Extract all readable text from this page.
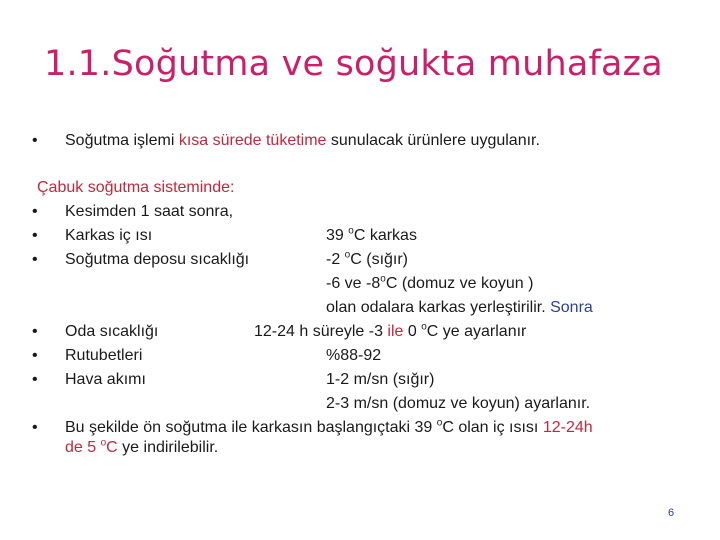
1.1.Soğutma ve soğukta muhafaza
• Soğutma işlemi kısa sürede tüketime sunulacak ürünlere uygulanır.
Çabuk soğutma sisteminde:
• Kesimden 1 saat sonra,
• Karkas iç ısı	39 $^o$C karkas
• Soğutma deposu sıcaklığı	-2 $^o$C (sığır)
-6 ve -8$^o$C (domuz ve koyun )
olan odalara karkas yerleştirilir. Sonra
• Oda sıcaklığı	12-24 h süreyle -3 ile 0 $^o$C ye ayarlanır
• Rutubetleri	%88-92
• Hava akımı	1-2 m/sn (sığır)
2-3 m/sn (domuz ve koyun) ayarlanır.
• Bu şekilde ön soğutma ile karkasın başlangıçtaki 39 $^o$C olan iç ısısı 12-24h
de 5 $^o$C ye indirilebilir.
6
